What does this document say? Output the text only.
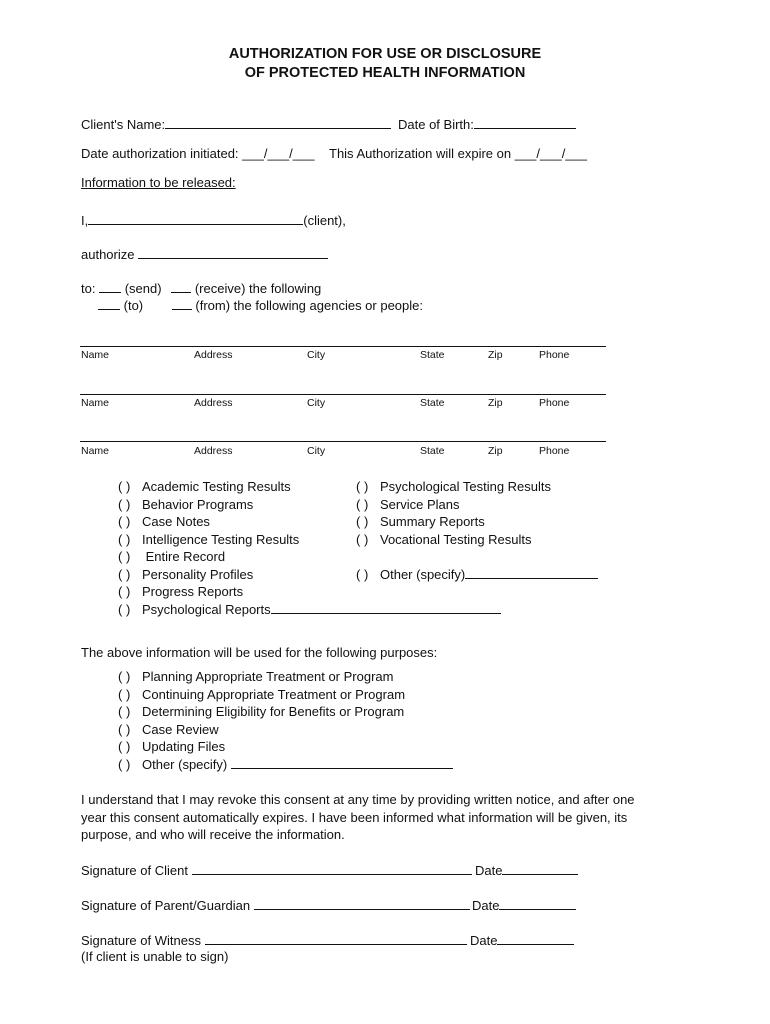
AUTHORIZATION FOR USE OR DISCLOSURE
OF PROTECTED HEALTH INFORMATION
Client's Name:	Date of Birth:
Date authorization initiated: ___/___/___ This Authorization will expire on ___/___/___
Information to be released:
I,	(client),
authorize
to: (send)	(receive) the following
(to)	(from) the following agencies or people:
Name	Address	City	State	Zip	Phone
Name	Address	City	State	Zip	Phone
Name	Address	City	State	Zip	Phone
( ) Academic Testing Results
( ) Behavior Programs
( ) Case Notes
( ) Intelligence Testing Results
( ) Entire Record
( ) Personality Profiles
( ) Progress Reports
( ) Psychological Reports
( ) Psychological Testing Results
( ) Service Plans
( ) Summary Reports
( ) Vocational Testing Results
( ) Other (specify)
The above information will be used for the following purposes:
( ) Planning Appropriate Treatment or Program
( ) Continuing Appropriate Treatment or Program
( ) Determining Eligibility for Benefits or Program
( ) Case Review
( ) Updating Files
( ) Other (specify)
I understand that I may revoke this consent at any time by providing written notice, and after one year this consent automatically expires. I have been informed what information will be given, its purpose, and who will receive the information.
Signature of Client	Date
Signature of Parent/Guardian	Date
Signature of Witness	Date
(If client is unable to sign)
